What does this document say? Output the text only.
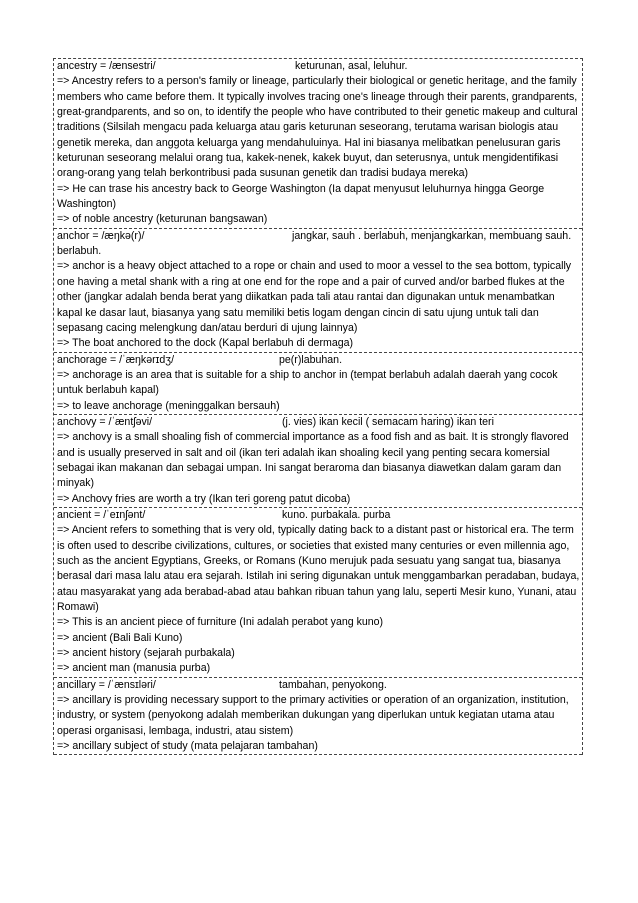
ancestry = /ænsestri/	keturunan, asal, leluhur.
=> Ancestry refers to a person's family or lineage, particularly their biological or genetic heritage, and the family members who came before them. It typically involves tracing one's lineage through their parents, grandparents, great-grandparents, and so on, to identify the people who have contributed to their genetic makeup and cultural traditions (Silsilah mengacu pada keluarga atau garis keturunan seseorang, terutama warisan biologis atau genetik mereka, dan anggota keluarga yang mendahuluinya. Hal ini biasanya melibatkan penelusuran garis keturunan seseorang melalui orang tua, kakek-nenek, kakek buyut, dan seterusnya, untuk mengidentifikasi orang-orang yang telah berkontribusi pada susunan genetik dan tradisi budaya mereka)
=> He can trase his ancestry back to George Washington (Ia dapat menyusut leluhurnya hingga George Washington)
=> of noble ancestry (keturunan bangsawan)
anchor = /æŋkə(r)/	jangkar, sauh . berlabuh, menjangkarkan, membuang sauh. berlabuh.
=> anchor is a heavy object attached to a rope or chain and used to moor a vessel to the sea bottom, typically one having a metal shank with a ring at one end for the rope and a pair of curved and/or barbed flukes at the other (jangkar adalah benda berat yang diikatkan pada tali atau rantai dan digunakan untuk menambatkan kapal ke dasar laut, biasanya yang satu memiliki betis logam dengan cincin di satu ujung untuk tali dan sepasang cacing melengkung dan/atau berduri di ujung lainnya)
=> The boat anchored to the dock (Kapal berlabuh di dermaga)
anchorage = /ˈæŋkərɪdʒ/	pe(r)labuhan.
=> anchorage is an area that is suitable for a ship to anchor in (tempat berlabuh adalah daerah yang cocok untuk berlabuh kapal)
=> to leave anchorage (meninggalkan bersauh)
anchovy = /ˈæntʃəvi/	(j. vies) ikan kecil ( semacam haring) ikan teri
=> anchovy is a small shoaling fish of commercial importance as a food fish and as bait. It is strongly flavored and is usually preserved in salt and oil (ikan teri adalah ikan shoaling kecil yang penting secara komersial sebagai ikan makanan dan sebagai umpan. Ini sangat beraroma dan biasanya diawetkan dalam garam dan minyak)
=> Anchovy fries are worth a try (Ikan teri goreng patut dicoba)
ancient = /ˈeɪnʃənt/	kuno. purbakala. purba
=> Ancient refers to something that is very old, typically dating back to a distant past or historical era. The term is often used to describe civilizations, cultures, or societies that existed many centuries or even millennia ago, such as the ancient Egyptians, Greeks, or Romans (Kuno merujuk pada sesuatu yang sangat tua, biasanya berasal dari masa lalu atau era sejarah. Istilah ini sering digunakan untuk menggambarkan peradaban, budaya, atau masyarakat yang ada berabad-abad atau bahkan ribuan tahun yang lalu, seperti Mesir kuno, Yunani, atau Romawi)
=> This is an ancient piece of furniture (Ini adalah perabot yang kuno)
=> ancient (Bali Bali Kuno)
=> ancient history (sejarah purbakala)
=> ancient man (manusia purba)
ancillary = /ˈænsɪləri/	tambahan, penyokong.
=> ancillary is providing necessary support to the primary activities or operation of an organization, institution, industry, or system (penyokong adalah memberikan dukungan yang diperlukan untuk kegiatan utama atau operasi organisasi, lembaga, industri, atau sistem)
=> ancillary subject of study (mata pelajaran tambahan)
